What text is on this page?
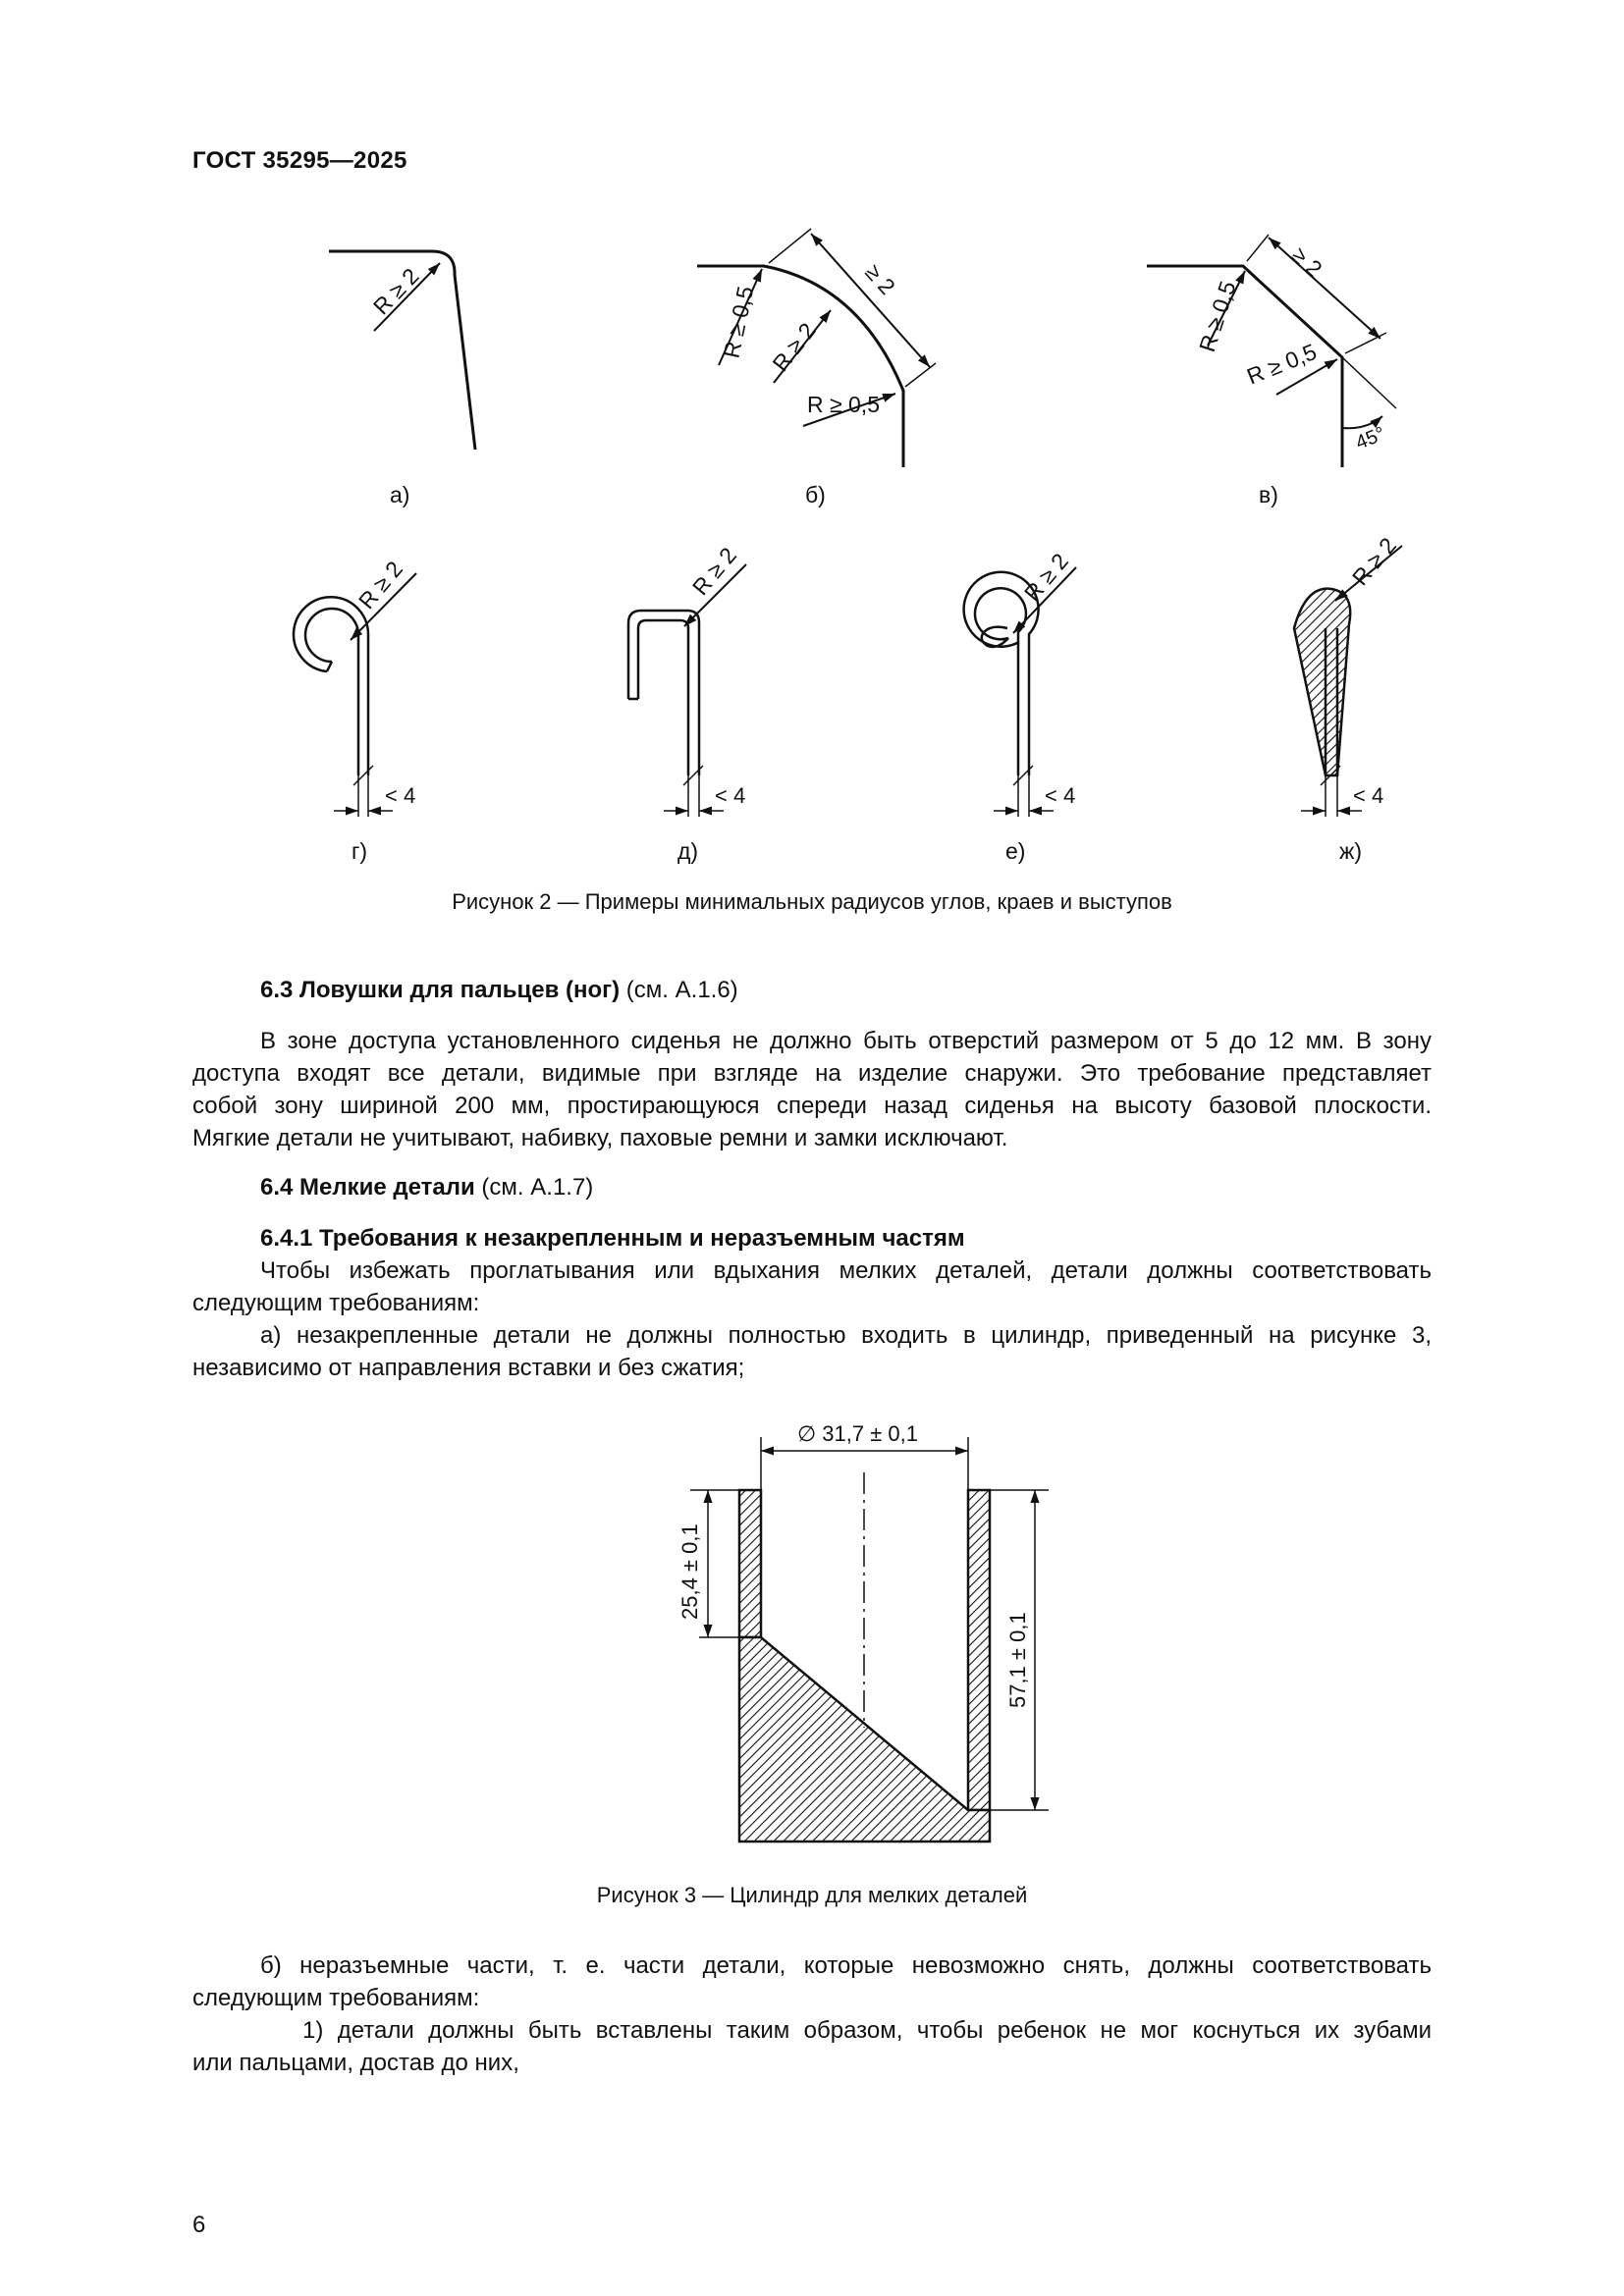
ГОСТ 35295—2025
R ≥ 2
а)
R ≥ 0,5 R ≥ 2
R ≥ 0,5
≥ 2
б)
R ≥ 0,5
R ≥ 0,5
≥ 2
45°
в)
R ≥ 2
< 4
г)
R ≥ 2
< 4
д)
R ≥ 2
< 4
е)
R ≥ 2
< 4
ж)
∅ 31,7 ± 0,1
25,4 ± 0,1
57,1 ± 0,1
Рисунок 2 — Примеры минимальных радиусов углов, краев и выступов
6.3 Ловушки для пальцев (ног) (см. А.1.6)
В зоне доступа установленного сиденья не должно быть отверстий размером от 5 до 12 мм. В зону
доступа входят все детали, видимые при взгляде на изделие снаружи. Это требование представляет
собой зону шириной 200 мм, простирающуюся спереди назад сиденья на высоту базовой плоскости.
Мягкие детали не учитывают, набивку, паховые ремни и замки исключают.
6.4 Мелкие детали (см. А.1.7)
6.4.1 Требования к незакрепленным и неразъемным частям
Чтобы избежать проглатывания или вдыхания мелких деталей, детали должны соответствовать
следующим требованиям:
а) незакрепленные детали не должны полностью входить в цилиндр, приведенный на рисунке 3,
независимо от направления вставки и без сжатия;
Рисунок 3 — Цилиндр для мелких деталей
б) неразъемные части, т. е. части детали, которые невозможно снять, должны соответствовать
следующим требованиям:
1) детали должны быть вставлены таким образом, чтобы ребенок не мог коснуться их зубами
или пальцами, достав до них,
6
